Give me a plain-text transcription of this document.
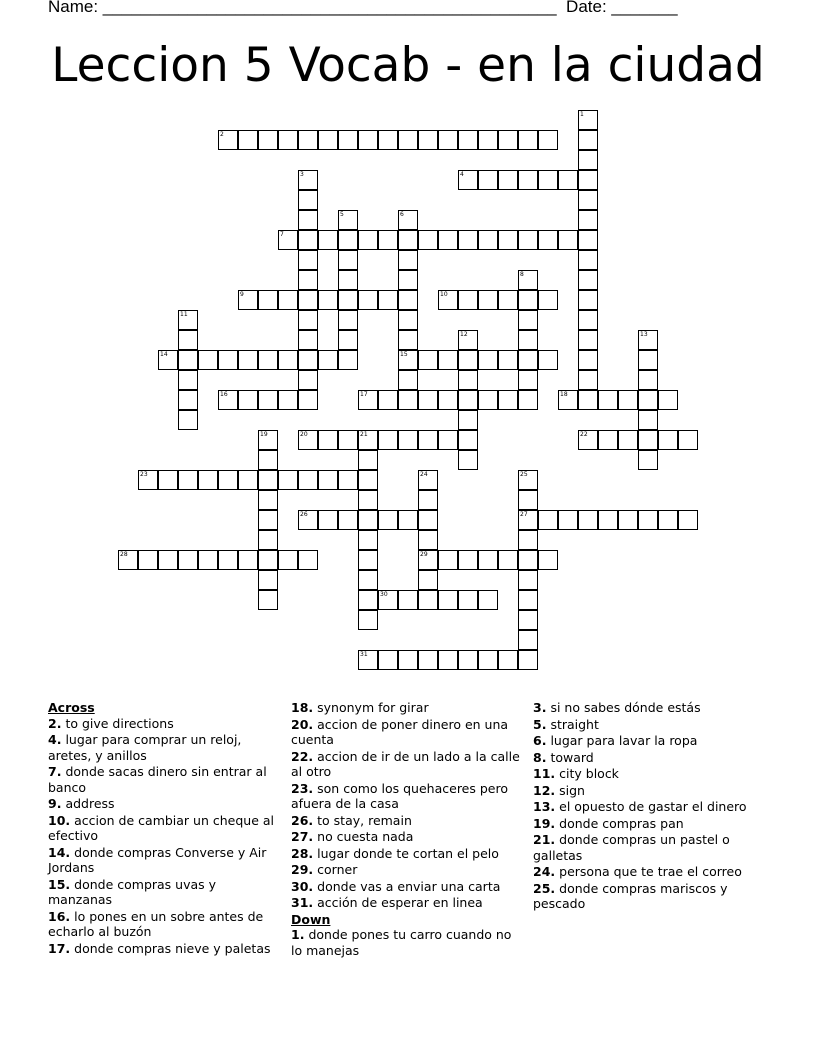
Name: ________________________________________________  Date: _______
Leccion 5 Vocab - en la ciudad
1
2
3	4
5	6
7
8
9	10
11
12	13
14	15
16	17	18
19	20	21	22
23	24	25
26	27
28	29
30
31
Across
2. to give directions
4. lugar para comprar un reloj, aretes, y anillos
7. donde sacas dinero sin entrar al banco
9. address
10. accion de cambiar un cheque al efectivo
14. donde compras Converse y Air Jordans
15. donde compras uvas y manzanas
16. lo pones en un sobre antes de echarlo al buzón
17. donde compras nieve y paletas
18. synonym for girar
20. accion de poner dinero en una cuenta
22. accion de ir de un lado a la calle al otro
23. son como los quehaceres pero afuera de la casa
26. to stay, remain
27. no cuesta nada
28. lugar donde te cortan el pelo
29. corner
30. donde vas a enviar una carta
31. acción de esperar en linea
Down
1. donde pones tu carro cuando no lo manejas
3. si no sabes dónde estás
5. straight
6. lugar para lavar la ropa
8. toward
11. city block
12. sign
13. el opuesto de gastar el dinero
19. donde compras pan
21. donde compras un pastel o galletas
24. persona que te trae el correo
25. donde compras mariscos y pescado
